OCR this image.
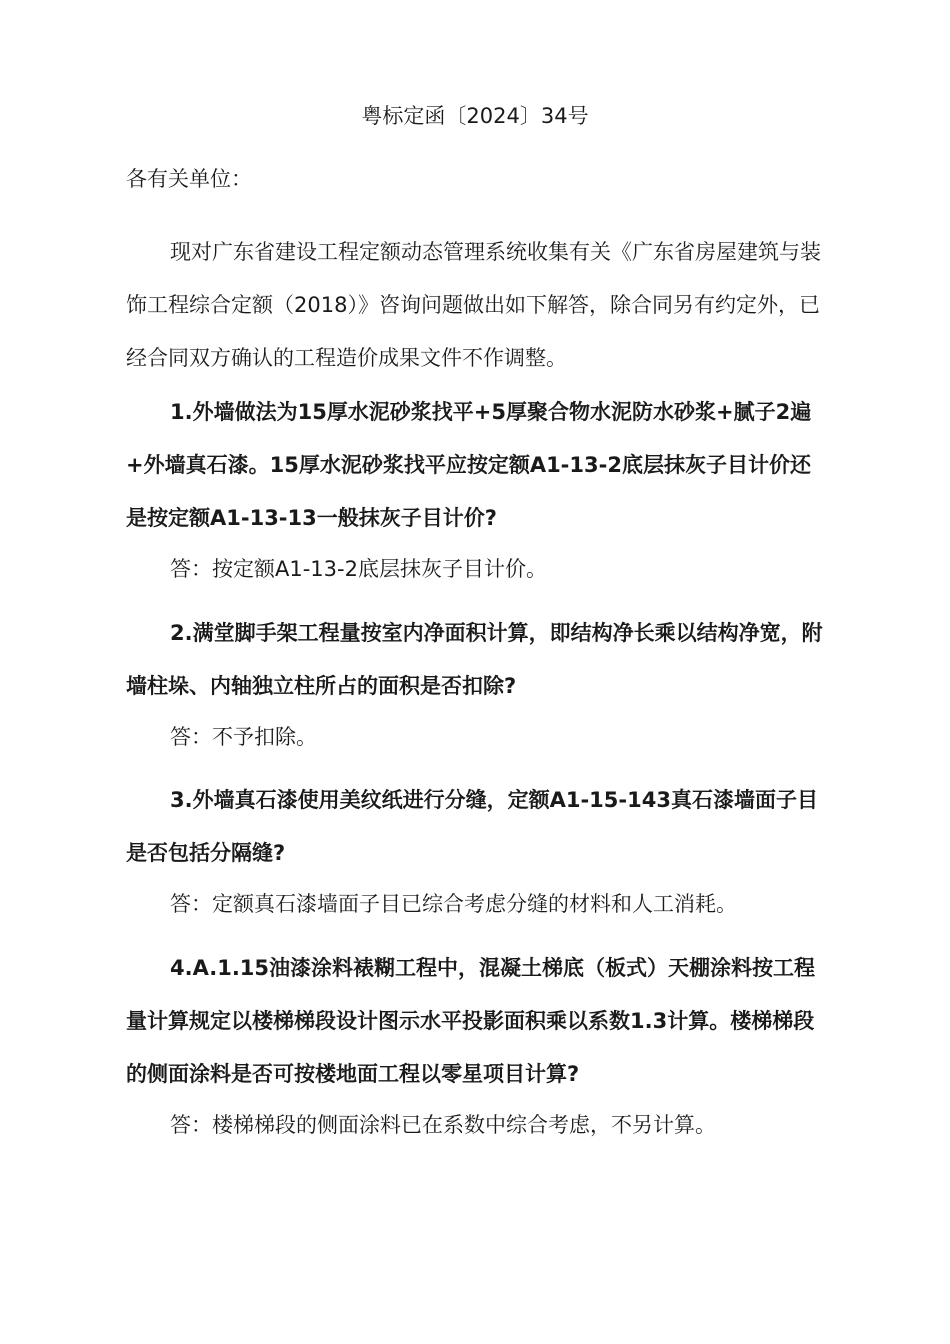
粤标定函〔2024〕34号
各有关单位：

现对广东省建设工程定额动态管理系统收集有关《广东省房屋建筑与装饰工程综合定额（2018）》咨询问题做出如下解答，除合同另有约定外，已经合同双方确认的工程造价成果文件不作调整。

1.外墙做法为15厚水泥砂浆找平+5厚聚合物水泥防水砂浆+腻子2遍+外墙真石漆。15厚水泥砂浆找平应按定额A1-13-2底层抹灰子目计价还是按定额A1-13-13一般抹灰子目计价?

答：按定额A1-13-2底层抹灰子目计价。

2.满堂脚手架工程量按室内净面积计算，即结构净长乘以结构净宽，附墙柱垛、内轴独立柱所占的面积是否扣除?

答：不予扣除。

3.外墙真石漆使用美纹纸进行分缝，定额A1-15-143真石漆墙面子目是否包括分隔缝?

答：定额真石漆墙面子目已综合考虑分缝的材料和人工消耗。

4.A.1.15油漆涂料裱糊工程中，混凝土梯底（板式）天棚涂料按工程量计算规定以楼梯梯段设计图示水平投影面积乘以系数1.3计算。楼梯梯段的侧面涂料是否可按楼地面工程以零星项目计算?

答：楼梯梯段的侧面涂料已在系数中综合考虑，不另计算。
